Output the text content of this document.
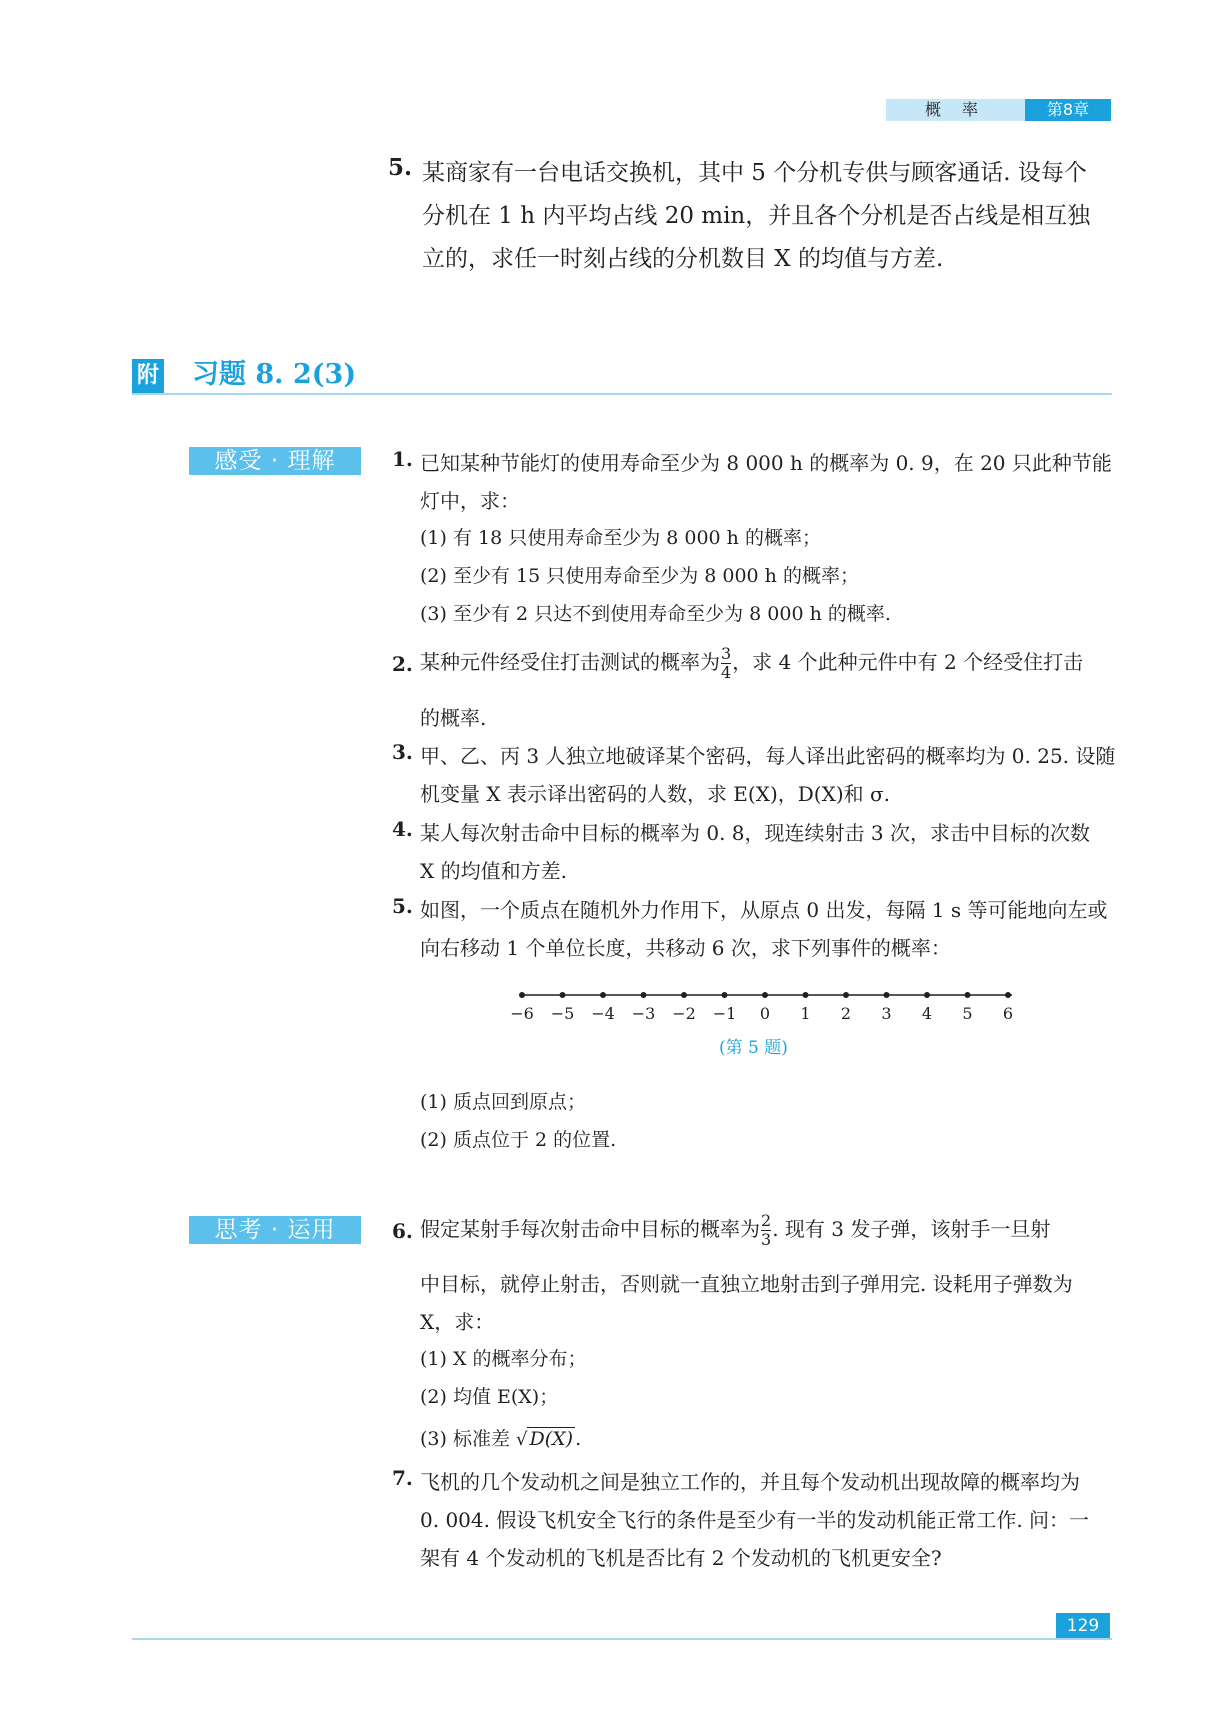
概 率	第8章
5. 某商家有一台电话交换机，其中 5 个分机专供与顾客通话. 设每个
分机在 1 h 内平均占线 20 min，并且各个分机是否占线是相互独
立的，求任一时刻占线的分机数目 X 的均值与方差.
附 习题 8. 2(3)
感受 · 理解	1. 已知某种节能灯的使用寿命至少为 8 000 h 的概率为 0. 9，在 20 只此种节能
灯中，求：
(1) 有 18 只使用寿命至少为 8 000 h 的概率；
(2) 至少有 15 只使用寿命至少为 8 000 h 的概率；
(3) 至少有 2 只达不到使用寿命至少为 8 000 h 的概率.
2. 某种元件经受住打击测试的概率为 $\frac{3}{4}$ ，求 4 个此种元件中有 2 个经受住打击
的概率.
3. 甲、乙、丙 3 人独立地破译某个密码，每人译出此密码的概率均为 0. 25. 设随
机变量 X 表示译出密码的人数，求 E(X)，D(X)和 σ.
4. 某人每次射击命中目标的概率为 0. 8，现连续射击 3 次，求击中目标的次数
X 的均值和方差.
5. 如图，一个质点在随机外力作用下，从原点 0 出发，每隔 1 s 等可能地向左或
向右移动 1 个单位长度，共移动 6 次，求下列事件的概率：
−6 −5 −4 −3 −2 −1 0 1 2 3 4 5 6
(第 5 题)
(1) 质点回到原点；
(2) 质点位于 2 的位置.
思考 · 运用	6. 假定某射手每次射击命中目标的概率为 $\frac{2}{3}$ . 现有 3 发子弹，该射手一旦射
中目标，就停止射击，否则就一直独立地射击到子弹用完. 设耗用子弹数为
X，求：
(1) X 的概率分布；
(2) 均值 E(X)；
(3) 标准差 √ D(X) .
7. 飞机的几个发动机之间是独立工作的，并且每个发动机出现故障的概率均为
0. 004. 假设飞机安全飞行的条件是至少有一半的发动机能正常工作. 问：一
架有 4 个发动机的飞机是否比有 2 个发动机的飞机更安全?
129
